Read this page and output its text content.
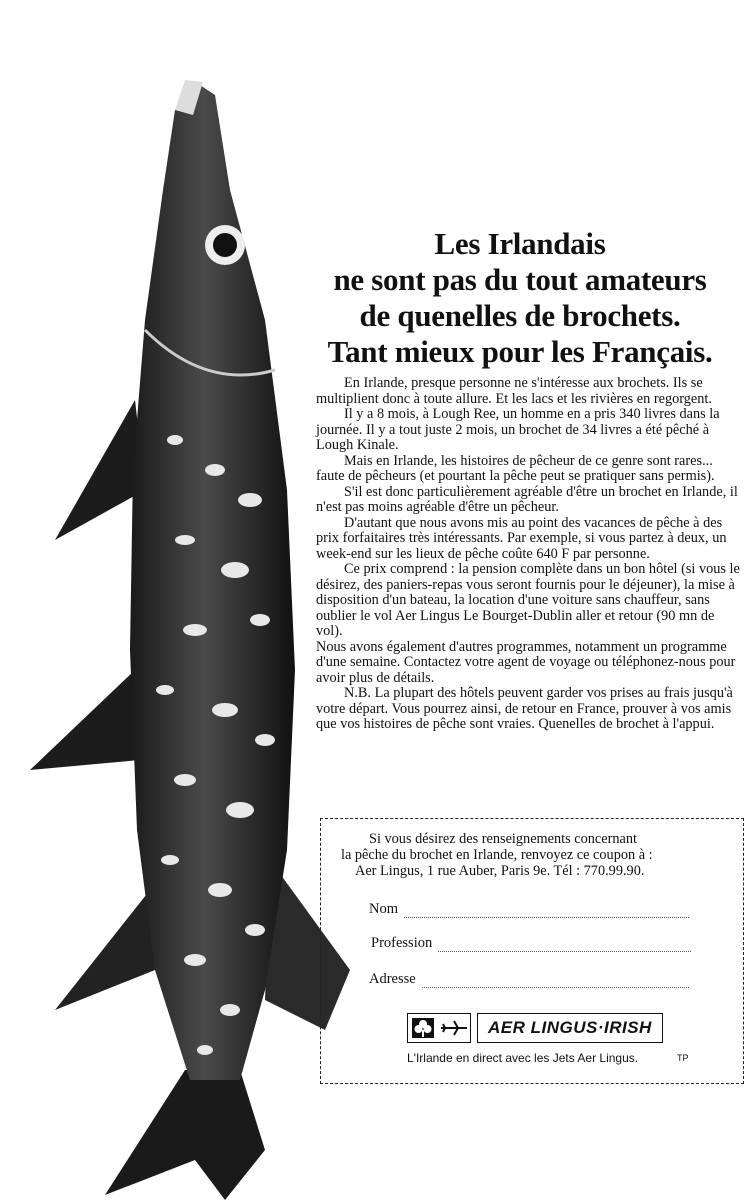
Les Irlandais
ne sont pas du tout amateurs
de quenelles de brochets.
Tant mieux pour les Français.

En Irlande, presque personne ne s'intéresse aux brochets. Ils se multiplient donc à toute allure. Et les lacs et les rivières en regorgent.

Il y a 8 mois, à Lough Ree, un homme en a pris 340 livres dans la journée. Il y a tout juste 2 mois, un brochet de 34 livres a été pêché à Lough Kinale.

Mais en Irlande, les histoires de pêcheur de ce genre sont rares... faute de pêcheurs (et pourtant la pêche peut se pratiquer sans permis).

S'il est donc particulièrement agréable d'être un brochet en Irlande, il n'est pas moins agréable d'être un pêcheur.

D'autant que nous avons mis au point des vacances de pêche à des prix forfaitaires très intéressants. Par exemple, si vous partez à deux, un week-end sur les lieux de pêche coûte 640 F par personne.

Ce prix comprend : la pension complète dans un bon hôtel (si vous le désirez, des paniers-repas vous seront fournis pour le déjeuner), la mise à disposition d'un bateau, la location d'une voiture sans chauffeur, sans oublier le vol Aer Lingus Le Bourget-Dublin aller et retour (90 mn de vol).

Nous avons également d'autres programmes, notamment un programme d'une semaine. Contactez votre agent de voyage ou téléphonez-nous pour avoir plus de détails.

N.B. La plupart des hôtels peuvent garder vos prises au frais jusqu'à votre départ. Vous pourrez ainsi, de retour en France, prouver à vos amis que vos histoires de pêche sont vraies. Quenelles de brochet à l'appui.

Si vous désirez des renseignements concernant
la pêche du brochet en Irlande, renvoyez ce coupon à :
Aer Lingus, 1 rue Auber, Paris 9e. Tél : 770.99.90.
Nom
Profession
Adresse
AER LINGUS·IRISH
L'Irlande en direct avec les Jets Aer Lingus.	TP
